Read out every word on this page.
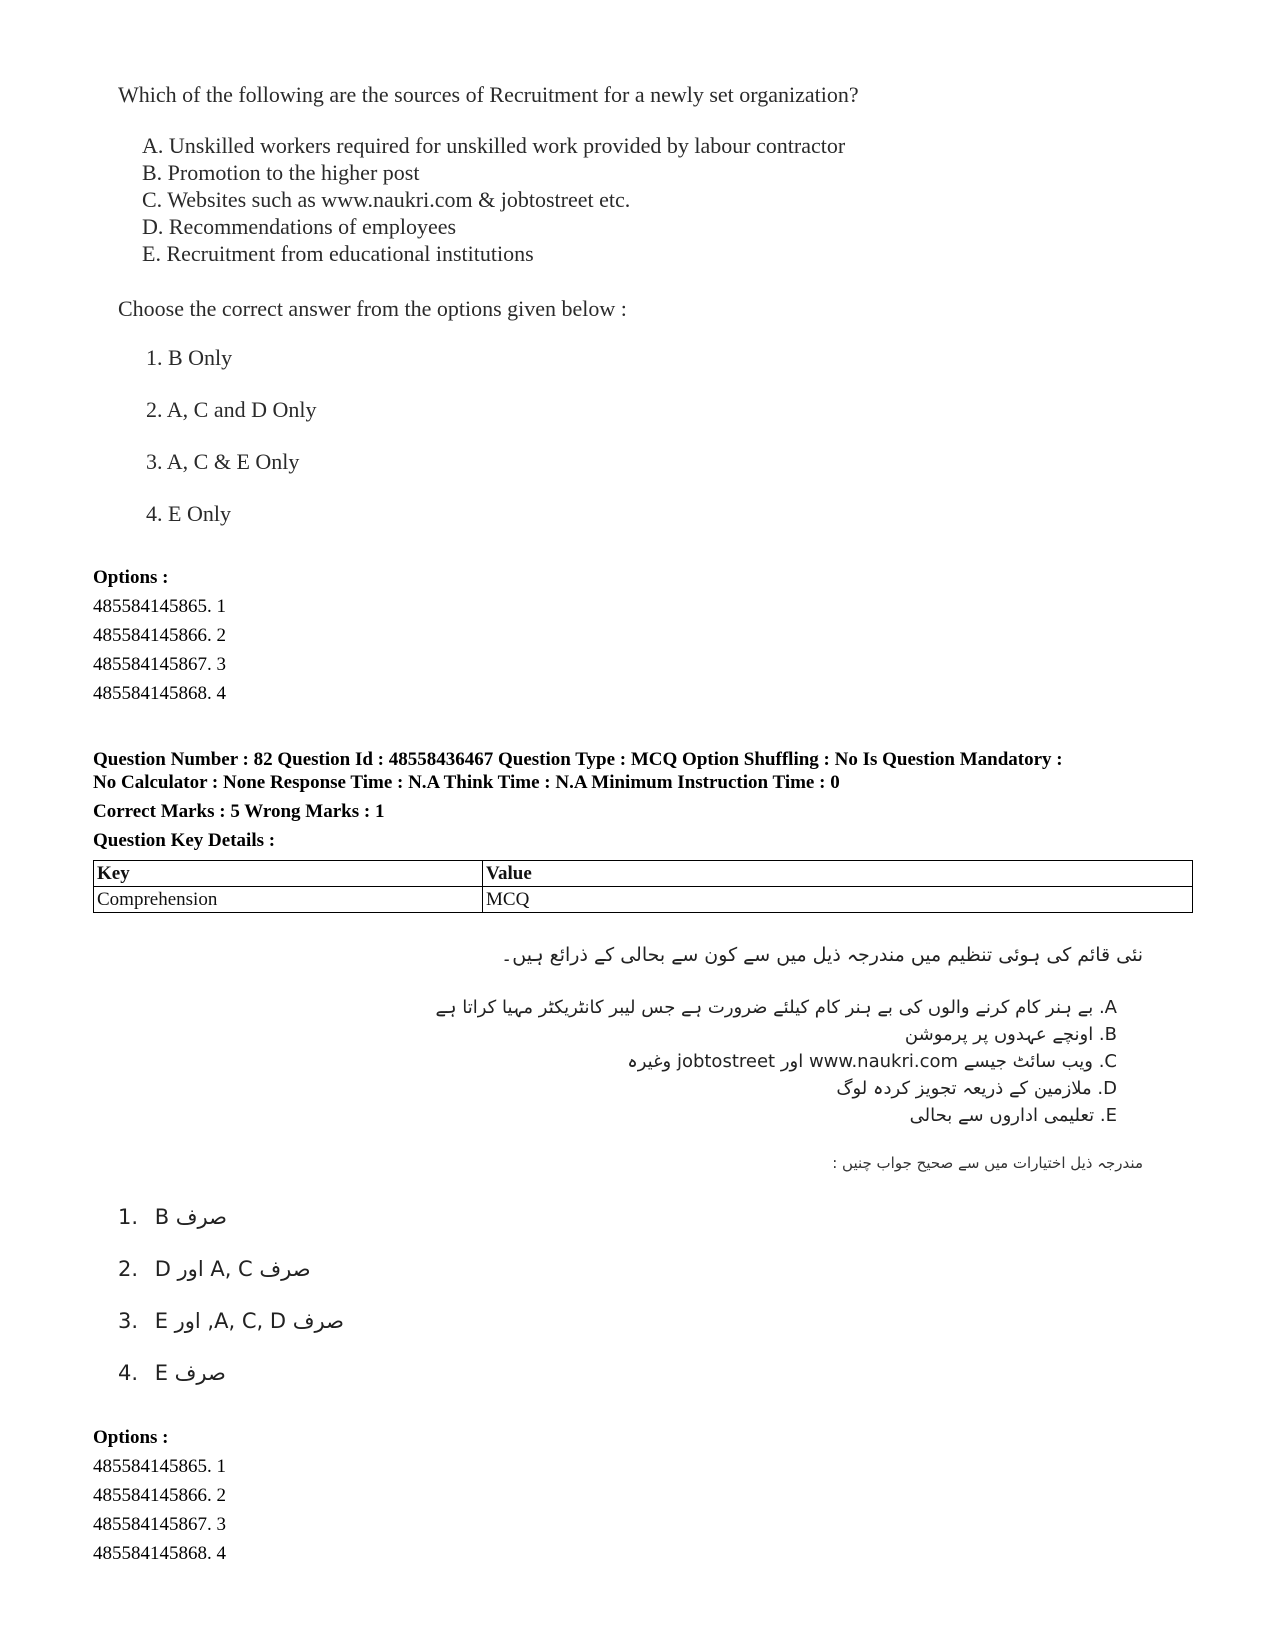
Which of the following are the sources of Recruitment for a newly set organization?
A. Unskilled workers required for unskilled work provided by labour contractor
B. Promotion to the higher post
C. Websites such as www.naukri.com & jobtostreet etc.
D. Recommendations of employees
E. Recruitment from educational institutions
Choose the correct answer from the options given below :
1. B Only
2. A, C and D Only
3. A, C & E Only
4. E Only
Options :
485584145865. 1
485584145866. 2
485584145867. 3
485584145868. 4
Question Number : 82 Question Id : 48558436467 Question Type : MCQ Option Shuffling : No Is Question Mandatory :
No Calculator : None Response Time : N.A Think Time : N.A Minimum Instruction Time : 0
Correct Marks : 5 Wrong Marks : 1
Question Key Details :
Key	Value
Comprehension	MCQ
نئی قائم کی ہوئی تنظیم میں مندرجہ ذیل میں سے کون سے بحالی کے ذرائع ہیں۔
A. بے ہنر کام کرنے والوں کی بے ہنر کام کیلئے ضرورت ہے جس لیبر کانٹریکٹر مہیا کراتا ہے
B. اونچے عہدوں پر پرموشن
C. ویب سائٹ جیسے www.naukri.com اور jobtostreet وغیرہ
D. ملازمین کے ذریعہ تجویز کردہ لوگ
E. تعلیمی اداروں سے بحالی
مندرجہ ذیل اختیارات میں سے صحیح جواب چنیں :
1. صرف B
2. صرف A, C اور D
3. صرف A, C, D, اور E
4. صرف E
Options :
485584145865. 1
485584145866. 2
485584145867. 3
485584145868. 4
